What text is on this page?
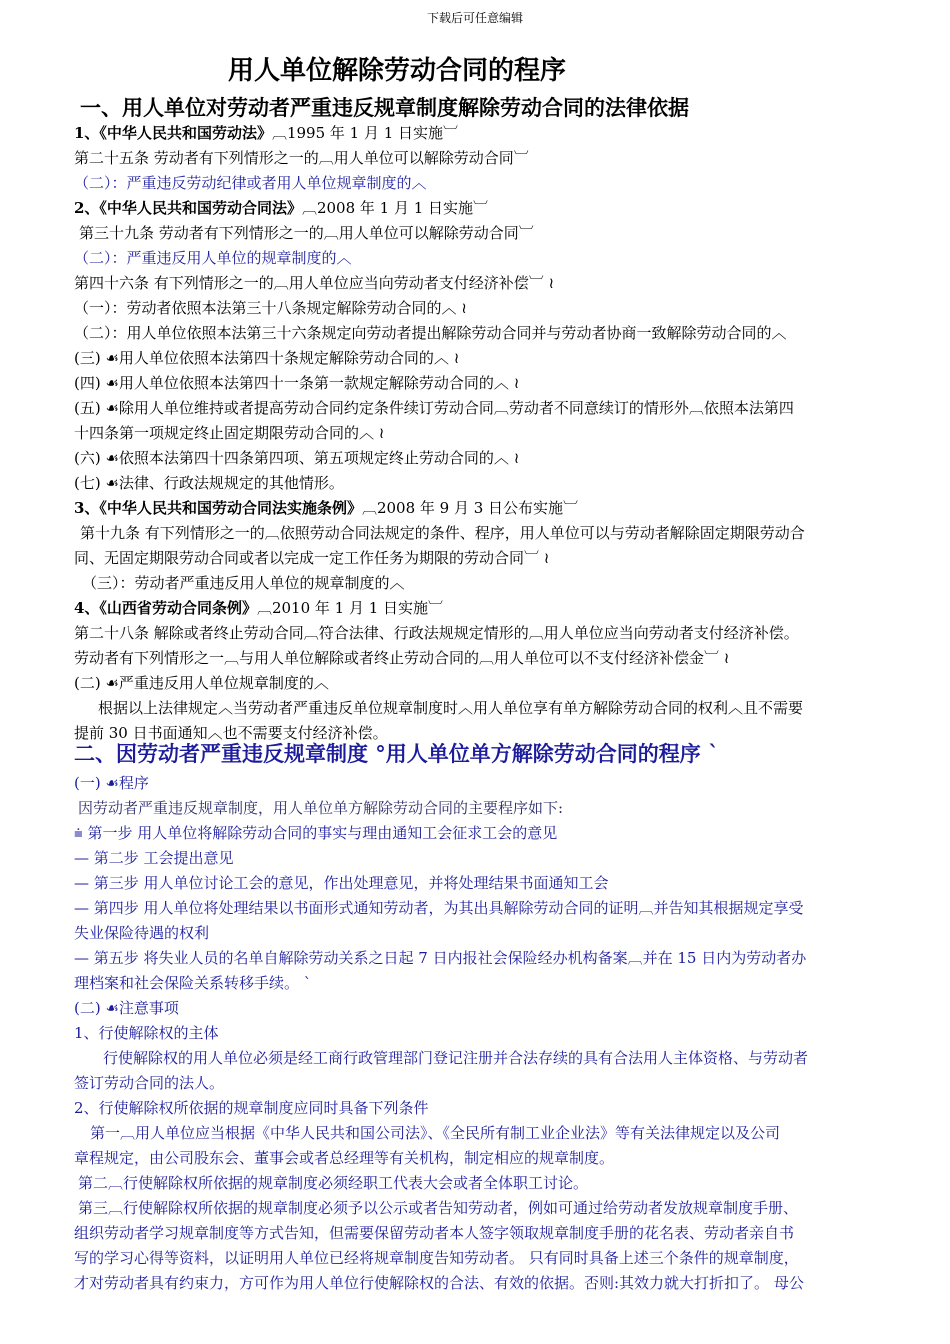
下载后可任意编辑
用人单位解除劳动合同的程序
一、用人单位对劳动者严重违反规章制度解除劳动合同的法律依据
二、因劳动者严重违反规章制度 °用人单位单方解除劳动合同的程序 ˋ
1、《中华人民共和国劳动法》︹1995 年 1 月 1 日实施︺
第二十五条 劳动者有下列情形之一的︹用人单位可以解除劳动合同︺
（二）：严重违反劳动纪律或者用人单位规章制度的︿
2、《中华人民共和国劳动合同法》︹2008 年 1 月 1 日实施︺
第三十九条 劳动者有下列情形之一的︹用人单位可以解除劳动合同︺
（二）：严重违反用人单位的规章制度的︿
第四十六条 有下列情形之一的︹用人单位应当向劳动者支付经济补偿︺ ≀
（一）：劳动者依照本法第三十八条规定解除劳动合同的︿ ≀
（二）：用人单位依照本法第三十六条规定向劳动者提出解除劳动合同并与劳动者协商一致解除劳动合同的︿
(三) ☙用人单位依照本法第四十条规定解除劳动合同的︿ ≀
(四) ☙用人单位依照本法第四十一条第一款规定解除劳动合同的︿ ≀
(五) ☙除用人单位维持或者提高劳动合同约定条件续订劳动合同︹劳动者不同意续订的情形外︹依照本法第四
十四条第一项规定终止固定期限劳动合同的︿ ≀
(六) ☙依照本法第四十四条第四项、第五项规定终止劳动合同的︿ ≀
(七) ☙法律、行政法规规定的其他情形。
3、《中华人民共和国劳动合同法实施条例》︹2008 年 9 月 3 日公布实施︺
第十九条 有下列情形之一的︹依照劳动合同法规定的条件、程序，用人单位可以与劳动者解除固定期限劳动合
同、无固定期限劳动合同或者以完成一定工作任务为期限的劳动合同︺ ≀
（三）：劳动者严重违反用人单位的规章制度的︿
4、《山西省劳动合同条例》︹2010 年 1 月 1 日实施︺
第二十八条 解除或者终止劳动合同︹符合法律、行政法规规定情形的︹用人单位应当向劳动者支付经济补偿。
劳动者有下列情形之一︹与用人单位解除或者终止劳动合同的︹用人单位可以不支付经济补偿金︺ ≀
(二) ☙严重违反用人单位规章制度的︿
根据以上法律规定︿当劳动者严重违反单位规章制度时︿用人单位享有单方解除劳动合同的权利︿且不需要
提前 30 日书面通知︿也不需要支付经济补偿。
(一) ☙程序
因劳动者严重违反规章制度，用人单位单方解除劳动合同的主要程序如下:
⩧ 第一步 用人单位将解除劳动合同的事实与理由通知工会征求工会的意见
— 第二步 工会提出意见
— 第三步 用人单位讨论工会的意见，作出处理意见，并将处理结果书面通知工会
— 第四步 用人单位将处理结果以书面形式通知劳动者，为其出具解除劳动合同的证明︹并告知其根据规定享受
失业保险待遇的权利
— 第五步 将失业人员的名单自解除劳动关系之日起 7 日内报社会保险经办机构备案︹并在 15 日内为劳动者办
理档案和社会保险关系转移手续。 ˋ
(二) ☙注意事项
1、行使解除权的主体
行使解除权的用人单位必须是经工商行政管理部门登记注册并合法存续的具有合法用人主体资格、与劳动者
签订劳动合同的法人。
2、行使解除权所依据的规章制度应同时具备下列条件
第一︹用人单位应当根据《中华人民共和国公司法》、《全民所有制工业企业法》等有关法律规定以及公司
章程规定，由公司股东会、董事会或者总经理等有关机构，制定相应的规章制度。
第二︹行使解除权所依据的规章制度必须经职工代表大会或者全体职工讨论。
第三︹行使解除权所依据的规章制度必须予以公示或者告知劳动者，例如可通过给劳动者发放规章制度手册、
组织劳动者学习规章制度等方式告知，但需要保留劳动者本人签字领取规章制度手册的花名表、劳动者亲自书
写的学习心得等资料，以证明用人单位已经将规章制度告知劳动者。 只有同时具备上述三个条件的规章制度，
才对劳动者具有约束力，方可作为用人单位行使解除权的合法、有效的依据。否则:其效力就大打折扣了。 母公
